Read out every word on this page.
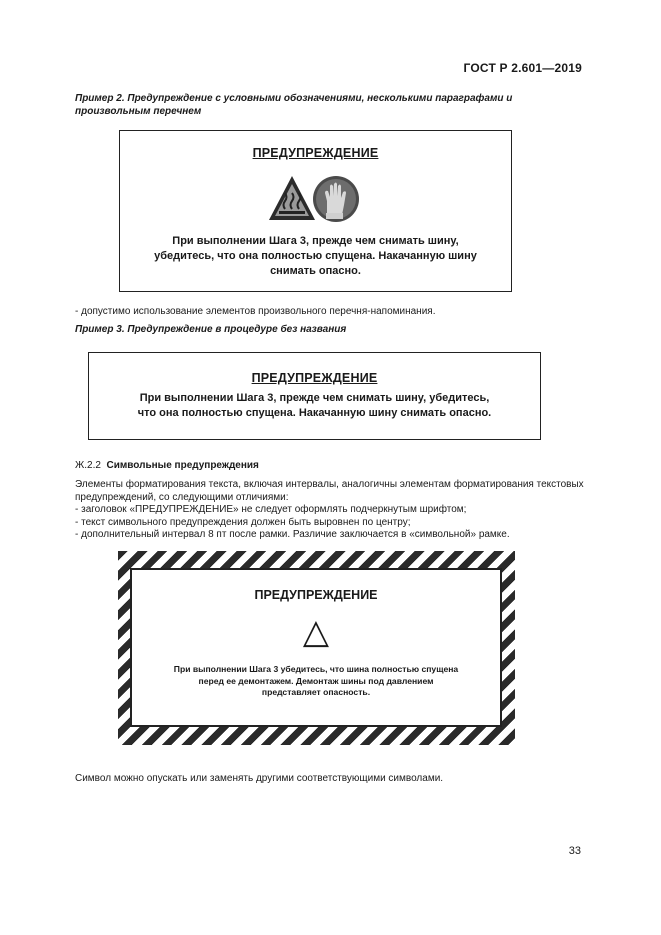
ГОСТ Р 2.601—2019
Пример 2. Предупреждение с условными обозначениями, несколькими параграфами и произвольным перечнем
ПРЕДУПРЕЖДЕНИЕ
При выполнении Шага 3, прежде чем снимать шину,
убедитесь, что она полностью спущена. Накачанную шину
снимать опасно.
- допустимо использование элементов произвольного перечня-напоминания.
Пример 3. Предупреждение в процедуре без названия
ПРЕДУПРЕЖДЕНИЕ
При выполнении Шага 3, прежде чем снимать шину, убедитесь,
что она полностью спущена. Накачанную шину снимать опасно.
Ж.2.2 Символьные предупреждения
Элементы форматирования текста, включая интервалы, аналогичны элементам форматирования текстовых предупреждений, со следующими отличиями:
- заголовок «ПРЕДУПРЕЖДЕНИЕ» не следует оформлять подчеркнутым шрифтом;
- текст символьного предупреждения должен быть выровнен по центру;
- дополнительный интервал 8 пт после рамки. Различие заключается в «символьной» рамке.
ПРЕДУПРЕЖДЕНИЕ
△
При выполнении Шага 3 убедитесь, что шина полностью спущена
перед ее демонтажем. Демонтаж шины под давлением
представляет опасность.
Символ можно опускать или заменять другими соответствующими символами.
33
